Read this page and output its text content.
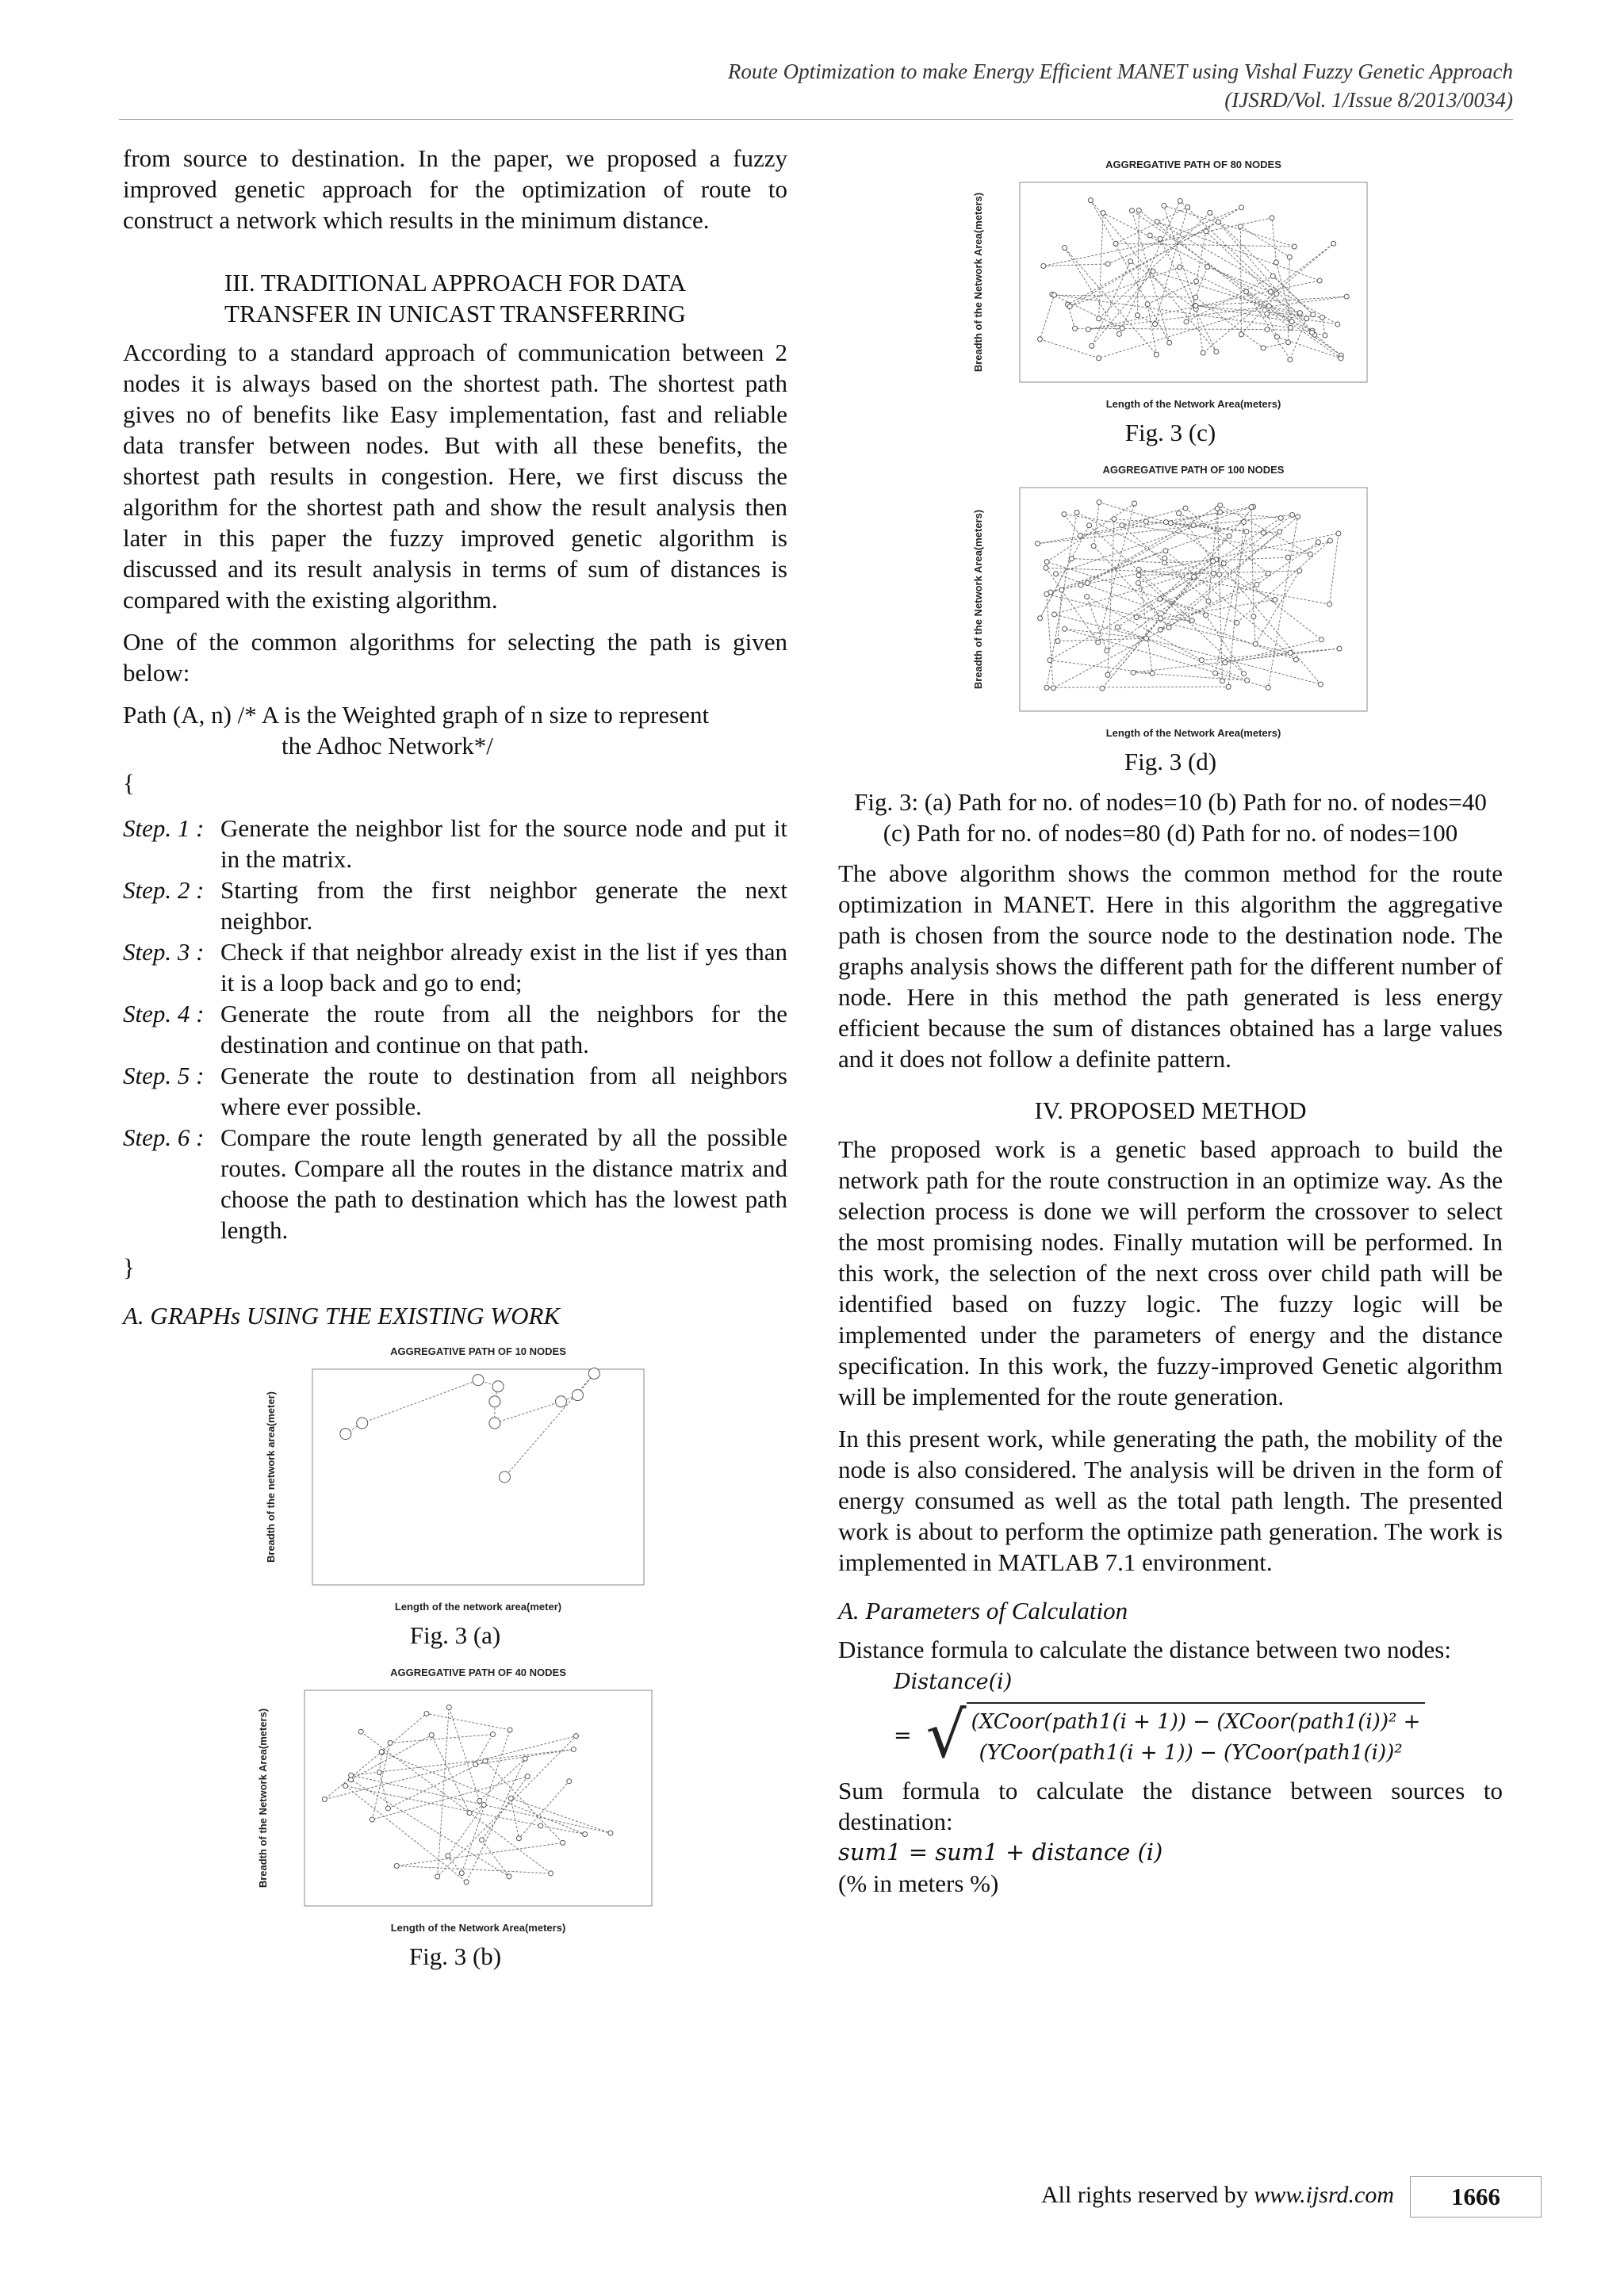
Route Optimization to make Energy Efficient MANET using Vishal Fuzzy Genetic Approach
(IJSRD/Vol. 1/Issue 8/2013/0034)

from source to destination. In the paper, we proposed a fuzzy improved genetic approach for the optimization of route to construct a network which results in the minimum distance.

III. TRADITIONAL APPROACH FOR DATA
TRANSFER IN UNICAST TRANSFERRING

According to a standard approach of communication between 2 nodes it is always based on the shortest path. The shortest path gives no of benefits like Easy implementation, fast and reliable data transfer between nodes. But with all these benefits, the shortest path results in congestion. Here, we first discuss the algorithm for the shortest path and show the result analysis then later in this paper the fuzzy improved genetic algorithm is discussed and its result analysis in terms of sum of distances is compared with the existing algorithm.

One of the common algorithms for selecting the path is given below:

Path (A, n) /* A is the Weighted graph of n size to represent
the Adhoc Network*/
{
Step. 1 : Generate the neighbor list for the source node and put it in the matrix.
Step. 2 : Starting from the first neighbor generate the next neighbor.
Step. 3 : Check if that neighbor already exist in the list if yes than it is a loop back and go to end;
Step. 4 : Generate the route from all the neighbors for the destination and continue on that path.
Step. 5 : Generate the route to destination from all neighbors where ever possible.
Step. 6 : Compare the route length generated by all the possible routes. Compare all the routes in the distance matrix and choose the path to destination which has the lowest path length.
}
A. GRAPHs USING THE EXISTING WORK
AGGREGATIVE PATH OF 10 NODES
Length of the network area(meter)
Breadth of the network area(meter)
Fig. 3 (a)
AGGREGATIVE PATH OF 40 NODES
Length of the Network Area(meters)
Breadth of the Network Area(meters)
Fig. 3 (b)
AGGREGATIVE PATH OF 80 NODES
Length of the Network Area(meters)
Breadth of the Network Area(meters)
Fig. 3 (c)
AGGREGATIVE PATH OF 100 NODES
Length of the Network Area(meters)
Breadth of the Network Area(meters)
Fig. 3 (d)
Fig. 3: (a) Path for no. of nodes=10 (b) Path for no. of nodes=40 (c) Path for no. of nodes=80 (d) Path for no. of nodes=100

The above algorithm shows the common method for the route optimization in MANET. Here in this algorithm the aggregative path is chosen from the source node to the destination node. The graphs analysis shows the different path for the different number of node. Here in this method the path generated is less energy efficient because the sum of distances obtained has a large values and it does not follow a definite pattern.

IV. PROPOSED METHOD

The proposed work is a genetic based approach to build the network path for the route construction in an optimize way. As the selection process is done we will perform the crossover to select the most promising nodes. Finally mutation will be performed. In this work, the selection of the next cross over child path will be identified based on fuzzy logic. The fuzzy logic will be implemented under the parameters of energy and the distance specification. In this work, the fuzzy-improved Genetic algorithm will be implemented for the route generation.

In this present work, while generating the path, the mobility of the node is also considered. The analysis will be driven in the form of energy consumed as well as the total path length. The presented work is about to perform the optimize path generation. The work is implemented in MATLAB 7.1 environment.

A. Parameters of Calculation

Distance formula to calculate the distance between two nodes:

Distance(i)
= √ (XCoor(path1(i + 1)) − (XCoor(path1(i))² +
(YCoor(path1(i + 1)) − (YCoor(path1(i))²

Sum formula to calculate the distance between sources to destination:

sum1 = sum1 + distance (i)
(% in meters %)
All rights reserved by www.ijsrd.com	1666
